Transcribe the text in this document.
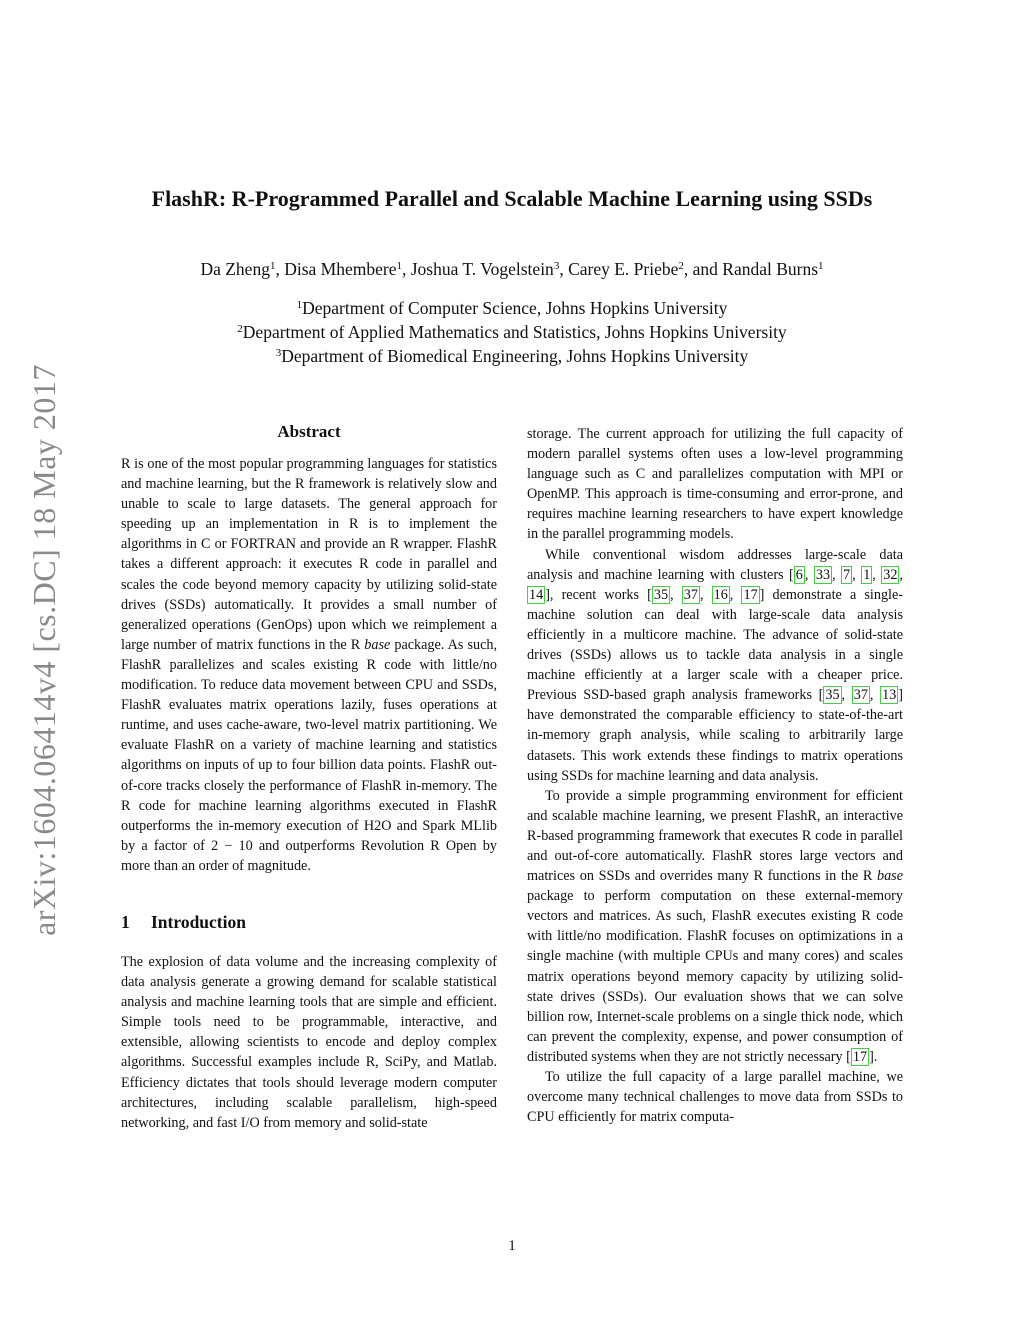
arXiv:1604.06414v4 [cs.DC] 18 May 2017
FlashR: R-Programmed Parallel and Scalable Machine Learning using SSDs
Da Zheng$^1$, Disa Mhembere$^1$, Joshua T. Vogelstein$^3$, Carey E. Priebe$^2$, and Randal Burns$^1$
$^1$Department of Computer Science, Johns Hopkins University
$^2$Department of Applied Mathematics and Statistics, Johns Hopkins University
$^3$Department of Biomedical Engineering, Johns Hopkins University
Abstract

R is one of the most popular programming languages for statistics and machine learning, but the R framework is relatively slow and unable to scale to large datasets. The general approach for speeding up an implementation in R is to implement the algorithms in C or FORTRAN and provide an R wrapper. FlashR takes a different approach: it executes R code in parallel and scales the code beyond memory capacity by utilizing solid-state drives (SSDs) automatically. It provides a small number of generalized operations (GenOps) upon which we reimplement a large number of matrix functions in the R base package. As such, FlashR parallelizes and scales existing R code with little/no modification. To reduce data movement between CPU and SSDs, FlashR evaluates matrix operations lazily, fuses operations at runtime, and uses cache-aware, two-level matrix partitioning. We evaluate FlashR on a variety of machine learning and statistics algorithms on inputs of up to four billion data points. FlashR out-of-core tracks closely the performance of FlashR in-memory. The R code for machine learning algorithms executed in FlashR outperforms the in-memory execution of H2O and Spark MLlib by a factor of 2 − 10 and outperforms Revolution R Open by more than an order of magnitude.

1 Introduction

The explosion of data volume and the increasing complexity of data analysis generate a growing demand for scalable statistical analysis and machine learning tools that are simple and efficient. Simple tools need to be programmable, interactive, and extensible, allowing scientists to encode and deploy complex algorithms. Successful examples include R, SciPy, and Matlab. Efficiency dictates that tools should leverage modern computer architectures, including scalable parallelism, high-speed networking, and fast I/O from memory and solid-state

storage. The current approach for utilizing the full capacity of modern parallel systems often uses a low-level programming language such as C and parallelizes computation with MPI or OpenMP. This approach is time-consuming and error-prone, and requires machine learning researchers to have expert knowledge in the parallel programming models.

While conventional wisdom addresses large-scale data analysis and machine learning with clusters [ 6 , 33 , 7 , 1 , 32 , 14 ], recent works [ 35 , 37 , 16 , 17 ] demonstrate a single-machine solution can deal with large-scale data analysis efficiently in a multicore machine. The advance of solid-state drives (SSDs) allows us to tackle data analysis in a single machine efficiently at a larger scale with a cheaper price. Previous SSD-based graph analysis frameworks [ 35 , 37 , 13 ] have demonstrated the comparable efficiency to state-of-the-art in-memory graph analysis, while scaling to arbitrarily large datasets. This work extends these findings to matrix operations using SSDs for machine learning and data analysis.

To provide a simple programming environment for efficient and scalable machine learning, we present FlashR, an interactive R-based programming framework that executes R code in parallel and out-of-core automatically. FlashR stores large vectors and matrices on SSDs and overrides many R functions in the R base package to perform computation on these external-memory vectors and matrices. As such, FlashR executes existing R code with little/no modification. FlashR focuses on optimizations in a single machine (with multiple CPUs and many cores) and scales matrix operations beyond memory capacity by utilizing solid-state drives (SSDs). Our evaluation shows that we can solve billion row, Internet-scale problems on a single thick node, which can prevent the complexity, expense, and power consumption of distributed systems when they are not strictly necessary [ 17 ].

To utilize the full capacity of a large parallel machine, we overcome many technical challenges to move data from SSDs to CPU efficiently for matrix computa-

1
